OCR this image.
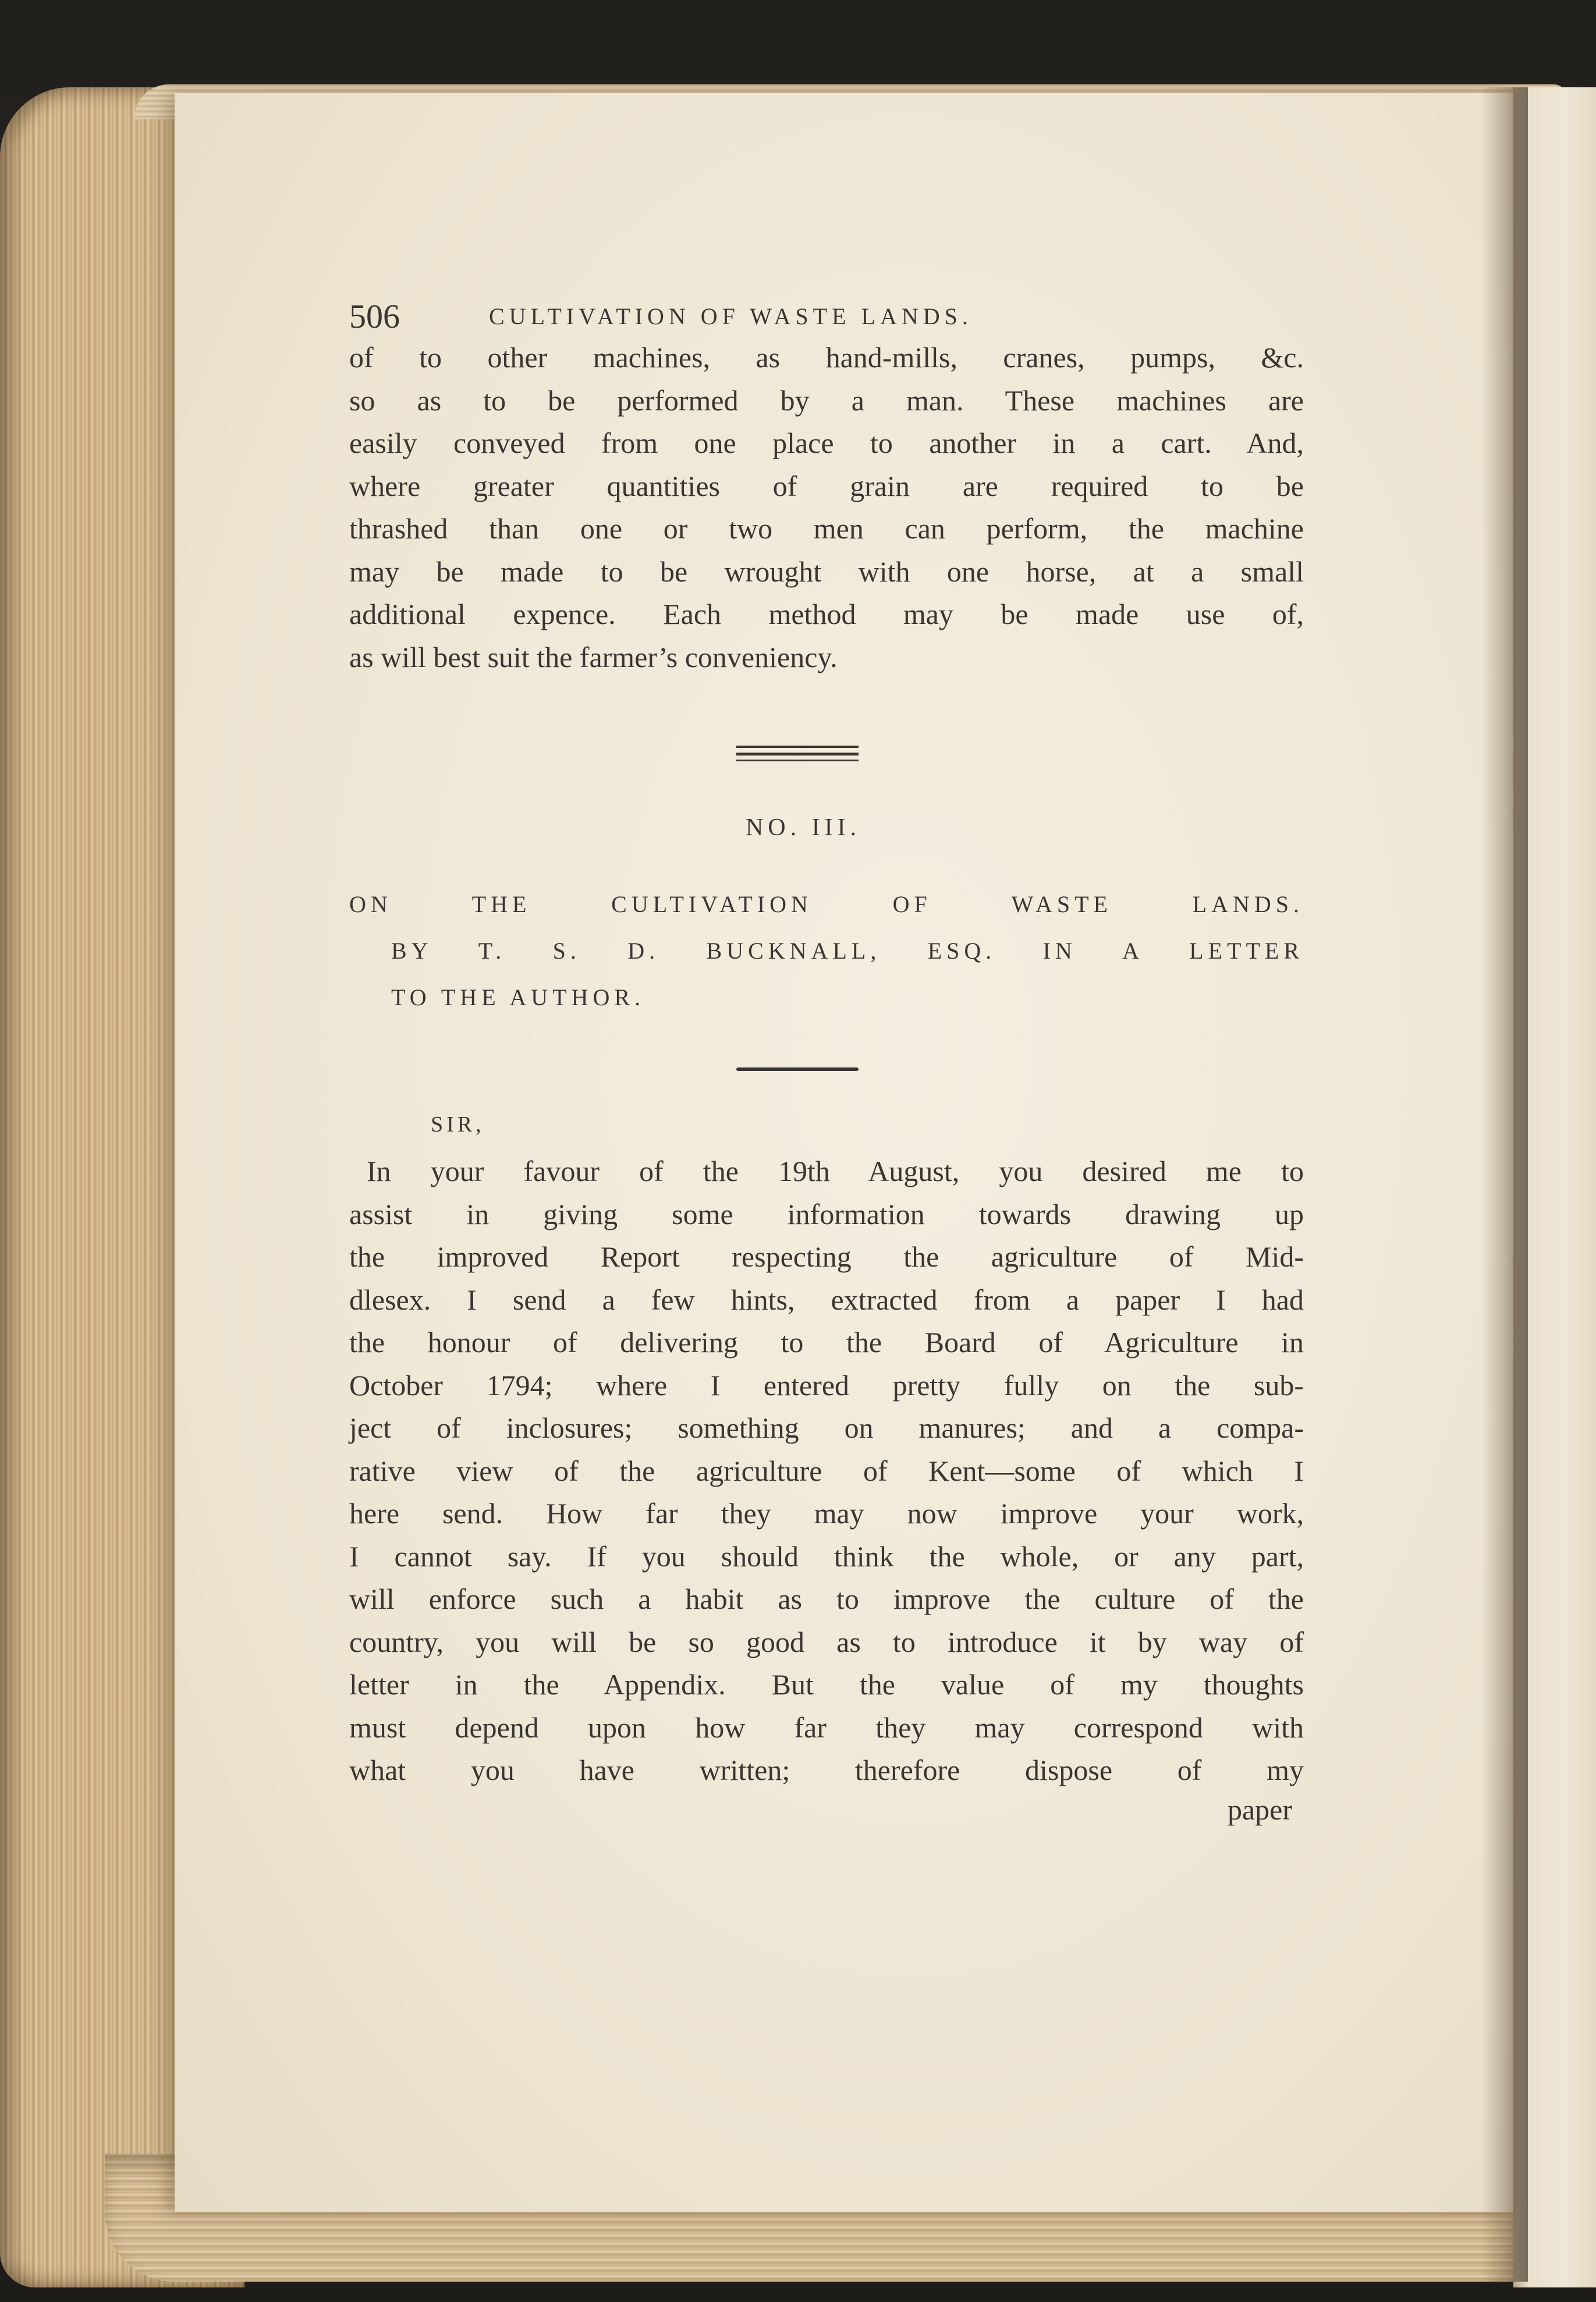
506	CULTIVATION OF WASTE LANDS.
of to other machines, as hand-mills, cranes, pumps, &c.
so as to be performed by a man. These machines are
easily conveyed from one place to another in a cart. And,
where greater quantities of grain are required to be
thrashed than one or two men can perform, the machine
may be made to be wrought with one horse, at a small
additional expence. Each method may be made use of,
as will best suit the farmer’s conveniency.
NO. III.
ON THE CULTIVATION OF WASTE LANDS.
BY T. S. D. BUCKNALL, ESQ. IN A LETTER
TO THE AUTHOR.
SIR,
In your favour of the 19th August, you desired me to
assist in giving some information towards drawing up
the improved Report respecting the agriculture of Mid-
dlesex. I send a few hints, extracted from a paper I had
the honour of delivering to the Board of Agriculture in
October 1794; where I entered pretty fully on the sub-
ject of inclosures; something on manures; and a compa-
rative view of the agriculture of Kent—some of which I
here send. How far they may now improve your work,
I cannot say. If you should think the whole, or any part,
will enforce such a habit as to improve the culture of the
country, you will be so good as to introduce it by way of
letter in the Appendix. But the value of my thoughts
must depend upon how far they may correspond with
what you have written; therefore dispose of my
paper
